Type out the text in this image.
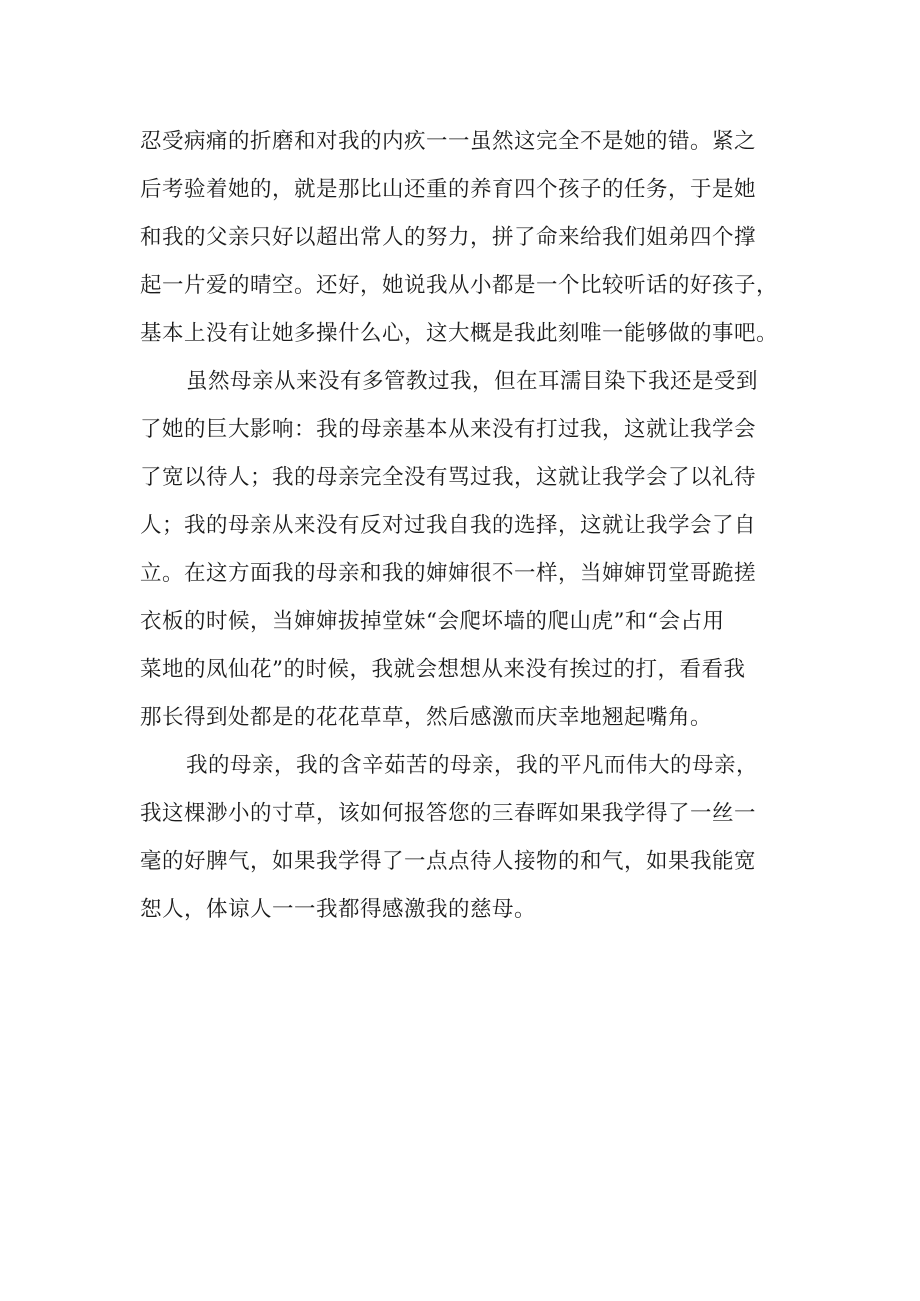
忍受病痛的折磨和对我的内疚一一虽然这完全不是她的错。紧之
后考验着她的，就是那比山还重的养育四个孩子的任务，于是她
和我的父亲只好以超出常人的努力，拼了命来给我们姐弟四个撑
起一片爱的晴空。还好，她说我从小都是一个比较听话的好孩子，
基本上没有让她多操什么心，这大概是我此刻唯一能够做的事吧。
虽然母亲从来没有多管教过我，但在耳濡目染下我还是受到
了她的巨大影响：我的母亲基本从来没有打过我，这就让我学会
了宽以待人；我的母亲完全没有骂过我，这就让我学会了以礼待
人；我的母亲从来没有反对过我自我的选择，这就让我学会了自
立。在这方面我的母亲和我的婶婶很不一样，当婶婶罚堂哥跪搓
衣板的时候，当婶婶拔掉堂妹“会爬坏墙的爬山虎”和“会占用
菜地的凤仙花”的时候，我就会想想从来没有挨过的打，看看我
那长得到处都是的花花草草，然后感激而庆幸地翘起嘴角。
我的母亲，我的含辛茹苦的母亲，我的平凡而伟大的母亲，
我这棵渺小的寸草，该如何报答您的三春晖如果我学得了一丝一
毫的好脾气，如果我学得了一点点待人接物的和气，如果我能宽
恕人，体谅人一一我都得感激我的慈母。
